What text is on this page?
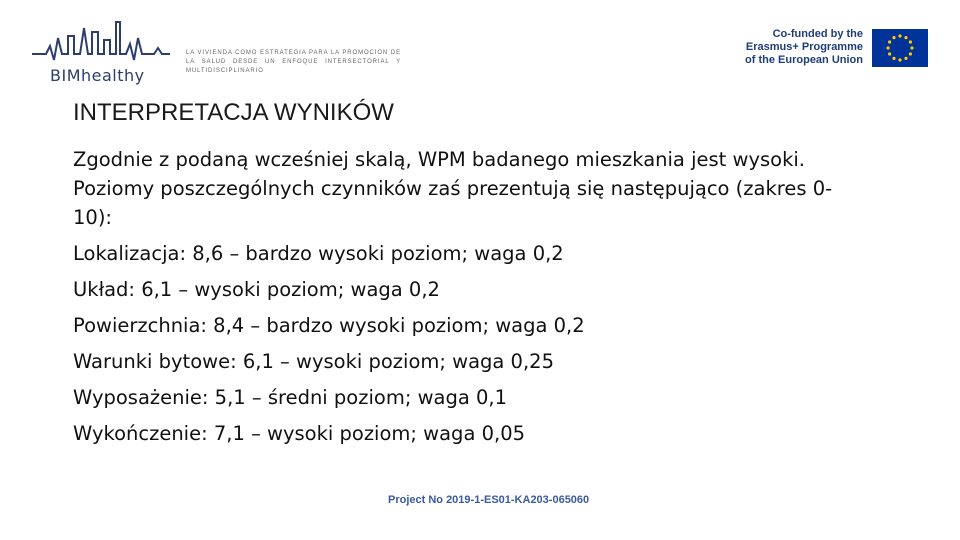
BIMhealthy
LA VIVIENDA COMO ESTRATEGIA PARA LA PROMOCION DE LA SALUD DESDE UN ENFOQUE INTERSECTORIAL Y MULTIDISCIPLINARIO
Co-funded by the
Erasmus+ Programme
of the European Union
INTERPRETACJA WYNIKÓW
Zgodnie z podaną wcześniej skalą, WPM badanego mieszkania jest wysoki. Poziomy poszczególnych czynników zaś prezentują się następująco (zakres 0-10):
Lokalizacja: 8,6 – bardzo wysoki poziom; waga 0,2
Układ: 6,1 – wysoki poziom; waga 0,2
Powierzchnia: 8,4 – bardzo wysoki poziom; waga 0,2
Warunki bytowe: 6,1 – wysoki poziom; waga 0,25
Wyposażenie: 5,1 – średni poziom; waga 0,1
Wykończenie: 7,1 – wysoki poziom; waga 0,05
Project No 2019-1-ES01-KA203-065060
